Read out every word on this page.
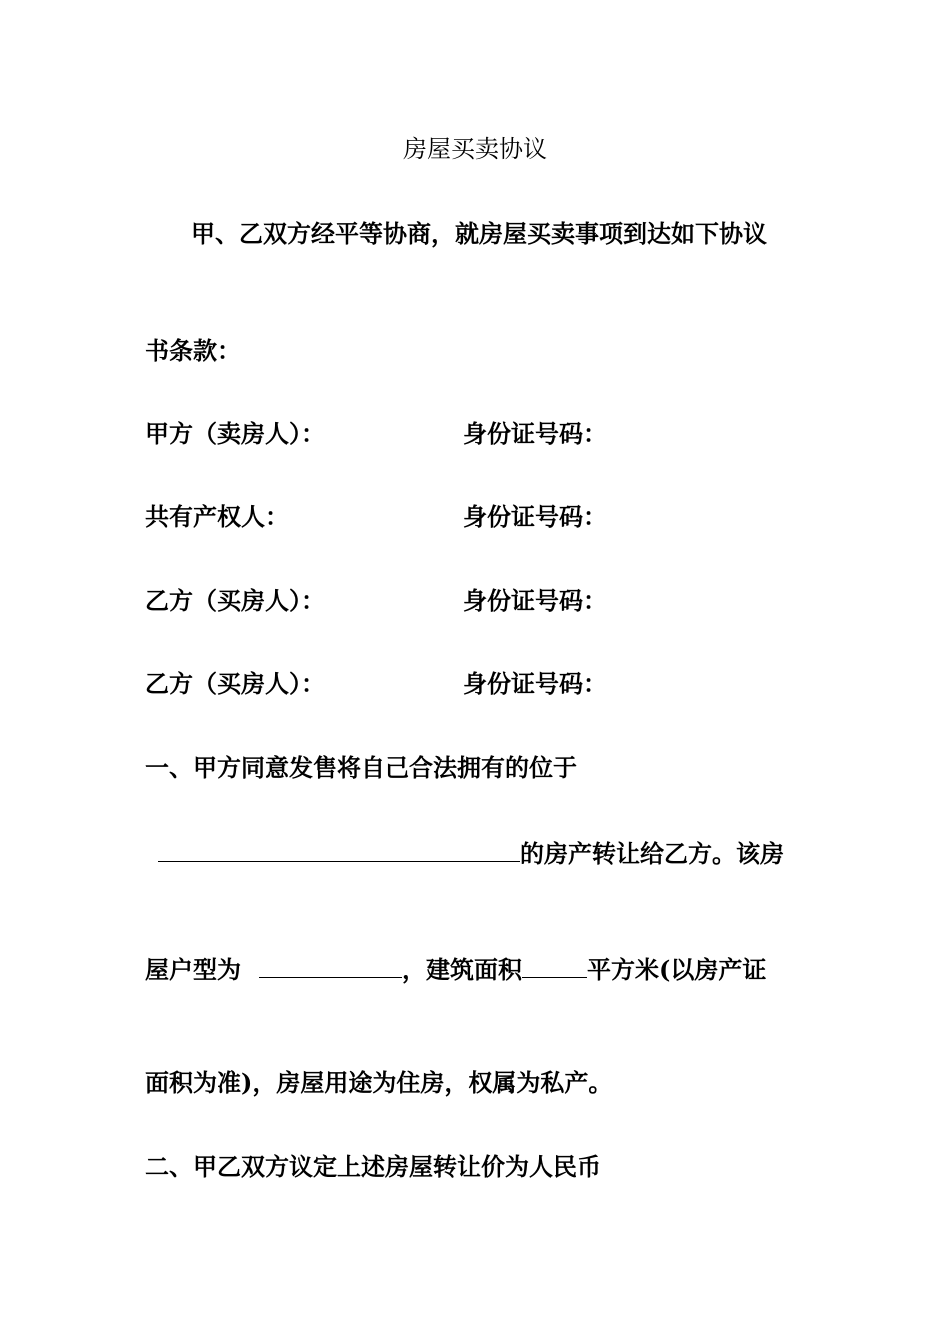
房屋买卖协议
甲、乙双方经平等协商，就房屋买卖事项到达如下协议
书条款：
甲方（卖房人）：	身份证号码：
共有产权人：	身份证号码：
乙方（买房人）：	身份证号码：
乙方（买房人）：	身份证号码：
一、甲方同意发售将自己合法拥有的位于
的房产转让给乙方。该房
屋户型为	，建筑面积	平方米(以房产证
面积为准)，房屋用途为住房，权属为私产。
二、甲乙双方议定上述房屋转让价为人民币
